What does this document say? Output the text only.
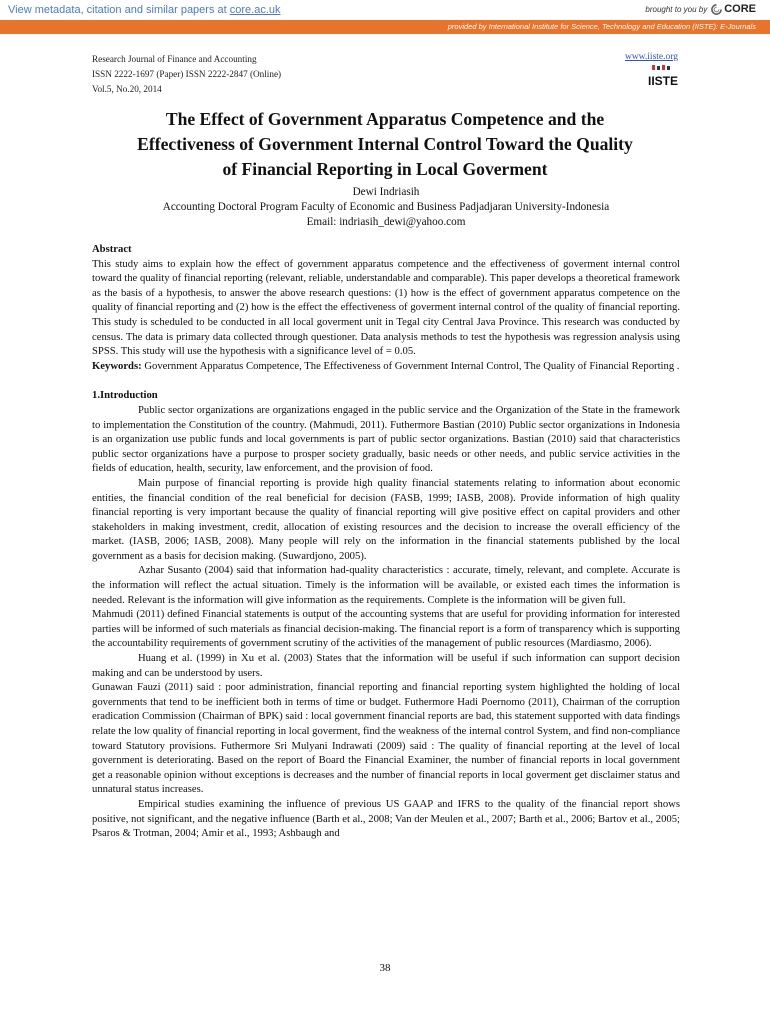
View metadata, citation and similar papers at core.ac.uk	brought to you by CORE
provided by International Institute for Science, Technology and Education (IISTE): E-Journals
Research Journal of Finance and Accounting
ISSN 2222-1697 (Paper) ISSN 2222-2847 (Online)
Vol.5, No.20, 2014
www.iiste.org
IISTE
The Effect of Government Apparatus Competence and the
Effectiveness of Government Internal Control Toward the Quality
of Financial Reporting in Local Goverment
Dewi Indriasih
Accounting Doctoral Program Faculty of Economic and Business Padjadjaran University-Indonesia
Email: indriasih_dewi@yahoo.com

Abstract

This study aims to explain how the effect of government apparatus competence and the effectiveness of goverment internal control toward the quality of financial reporting (relevant, reliable, understandable and comparable). This paper develops a theoretical framework as the basis of a hypothesis, to answer the above research questions: (1) how is the effect of government apparatus competence on the quality of financial reporting and (2) how is the effect the effectiveness of goverment internal control of the quality of financial reporting. This study is scheduled to be conducted in all local goverment unit in Tegal city Central Java Province. This research was conducted by census. The data is primary data collected through questioner. Data analysis methods to test the hypothesis was regression analysis using SPSS. This study will use the hypothesis with a significance level of = 0.05.

Keywords: Government Apparatus Competence, The Effectiveness of Government Internal Control, The Quality of Financial Reporting .

1.Introduction

Public sector organizations are organizations engaged in the public service and the Organization of the State in the framework to implementation the Constitution of the country. (Mahmudi, 2011). Futhermore Bastian (2010) Public sector organizations in Indonesia is an organization use public funds and local governments is part of public sector organizations. Bastian (2010) said that characteristics public sector organizations have a purpose to prosper society gradually, basic needs or other needs, and public service activities in the fields of education, health, security, law enforcement, and the provision of food.

Main purpose of financial reporting is provide high quality financial statements relating to information about economic entities, the financial condition of the real beneficial for decision (FASB, 1999; IASB, 2008). Provide information of high quality financial reporting is very important because the quality of financial reporting will give positive effect on capital providers and other stakeholders in making investment, credit, allocation of existing resources and the decision to increase the overall efficiency of the market. (IASB, 2006; IASB, 2008). Many people will rely on the information in the financial statements published by the local government as a basis for decision making. (Suwardjono, 2005).

Azhar Susanto (2004) said that information had-quality characteristics : accurate, timely, relevant, and complete. Accurate is the information will reflect the actual situation. Timely is the information will be available, or existed each times the information is needed. Relevant is the information will give information as the requirements. Complete is the information will be given full.

Mahmudi (2011) defined Financial statements is output of the accounting systems that are useful for providing information for interested parties will be informed of such materials as financial decision-making. The financial report is a form of transparency which is supporting the accountability requirements of government scrutiny of the activities of the management of public resources (Mardiasmo, 2006).

Huang et al. (1999) in Xu et al. (2003) States that the information will be useful if such information can support decision making and can be understood by users.

Gunawan Fauzi (2011) said : poor administration, financial reporting and financial reporting system highlighted the holding of local governments that tend to be inefficient both in terms of time or budget. Futhermore Hadi Poernomo (2011), Chairman of the corruption eradication Commission (Chairman of BPK) said : local government financial reports are bad, this statement supported with data findings relate the low quality of financial reporting in local goverment, find the weakness of the internal control System, and find non-compliance toward Statutory provisions. Futhermore Sri Mulyani Indrawati (2009) said : The quality of financial reporting at the level of local government is deteriorating. Based on the report of Board the Financial Examiner, the number of financial reports in local government get a reasonable opinion without exceptions is decreases and the number of financial reports in local goverment get disclaimer status and unnatural status increases.

Empirical studies examining the influence of previous US GAAP and IFRS to the quality of the financial report shows positive, not significant, and the negative influence (Barth et al., 2008; Van der Meulen et al., 2007; Barth et al., 2006; Bartov et al., 2005; Psaros & Trotman, 2004; Amir et al., 1993; Ashbaugh and

38
